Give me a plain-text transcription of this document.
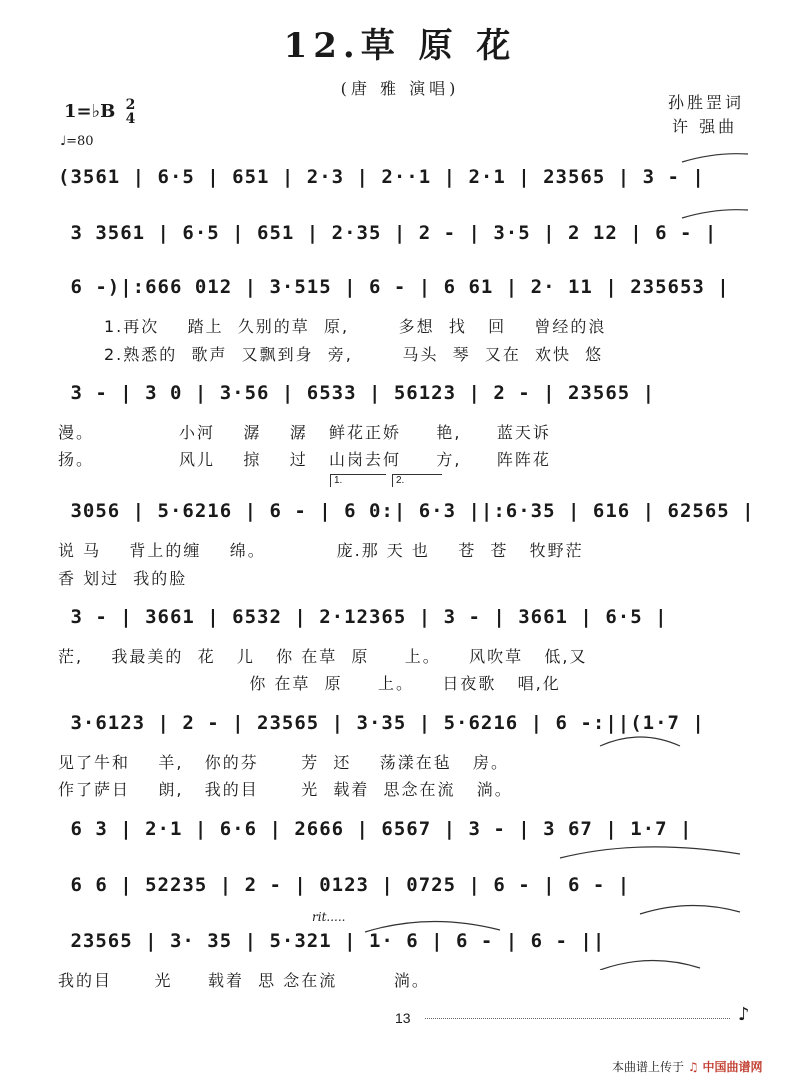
12.草 原 花
(唐 雅 演唱)
孙胜罡词
许 强曲
1=♭B 2
4
♩=80
(3561 | 6·5 | 651 | 2·3 | 2··1 | 2·1 | 23565 | 3 - |
3 3561 | 6·5 | 651 | 2·35 | 2 - | 3·5 | 2 12 | 6 - |
6 -)|:666 012 | 3·515 | 6 - | 6 61 | 2· 11 | 235653 |
1.再次    踏上  久别的草  原,       多想  找   回    曾经的浪
2.熟悉的  歌声  又飘到身  旁,       马头  琴  又在  欢快  悠
3 - | 3 0 | 3·56 | 6533 | 56123 | 2 - | 23565 |
漫。            小河    潺    潺   鲜花正娇     艳,     蓝天诉
扬。            风儿    掠    过   山岗去何     方,     阵阵花
1.	2.
3056 | 5·6216 | 6 - | 6 0:| 6·3 ||:6·35 | 616 | 62565 |
说 马    背上的缠    绵。          庞.那 天 也    苍  苍   牧野茫
香 划过  我的脸
3 - | 3661 | 6532 | 2·12365 | 3 - | 3661 | 6·5 |
茫,    我最美的  花   儿   你 在草  原     上。    风吹草   低,又
你 在草  原     上。    日夜歌   唱,化
3·6123 | 2 - | 23565 | 3·35 | 5·6216 | 6 -:||(1·7 |
见了牛和    羊,   你的芬      芳  还    荡漾在毡   房。
作了萨日    朗,   我的目      光  载着  思念在流   淌。
6 3 | 2·1 | 6·6 | 2666 | 6567 | 3 - | 3 67 | 1·7 |
6 6 | 52235 | 2 - | 0123 | 0725 | 6 - | 6 - |
rit.....
23565 | 3· 35 | 5·321 | 1· 6 | 6 - | 6 - ||
我的目      光     载着  思 念在流        淌。
13	♪
本曲谱上传于 ♫ 中国曲谱网
